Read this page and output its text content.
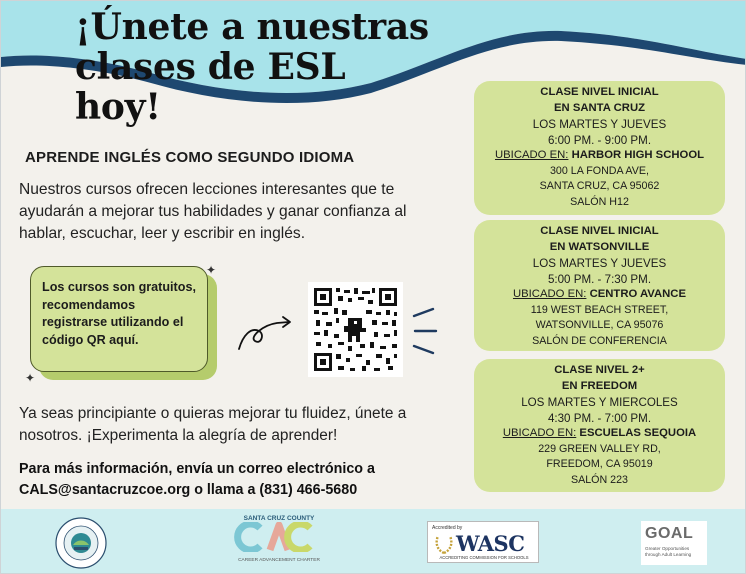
¡Únete a nuestras
clases de ESL hoy!
APRENDE INGLÉS COMO SEGUNDO IDIOMA
Nuestros cursos ofrecen lecciones interesantes que te ayudarán a mejorar tus habilidades y ganar confianza al hablar, escuchar, leer y escribir en inglés.
Los cursos son gratuitos, recomendamos registrarse utilizando el código QR aquí.
✦
✦
Ya seas principiante o quieras mejorar tu fluidez, únete a nosotros. ¡Experimenta la alegría de aprender!
Para más información, envía un correo electrónico a
CALS@santacruzcoe.org o llama a (831) 466-5680
CLASE NIVEL INICIAL
EN SANTA CRUZ
LOS MARTES Y JUEVES
6:00 PM. - 9:00 PM.
UBICADO EN: HARBOR HIGH SCHOOL
300 LA FONDA AVE,
SANTA CRUZ, CA 95062
SALÓN H12
CLASE NIVEL INICIAL
EN WATSONVILLE
LOS MARTES Y JUEVES
5:00 PM. - 7:30 PM.
UBICADO EN: CENTRO AVANCE
119 WEST BEACH STREET,
WATSONVILLE, CA 95076
SALÓN DE CONFERENCIA
CLASE NIVEL 2+
EN FREEDOM
LOS MARTES Y MIERCOLES
4:30 PM. - 7:00 PM.
UBICADO EN: ESCUELAS SEQUOIA
229 GREEN VALLEY RD,
FREEDOM, CA 95019
SALÓN 223
SANTA CRUZ COUNTY
CAREER ADVANCEMENT CHARTER
Accredited by
WASC
ACCREDITING COMMISSION FOR SCHOOLS
GOAL
Greater Opportunities through Adult Learning
